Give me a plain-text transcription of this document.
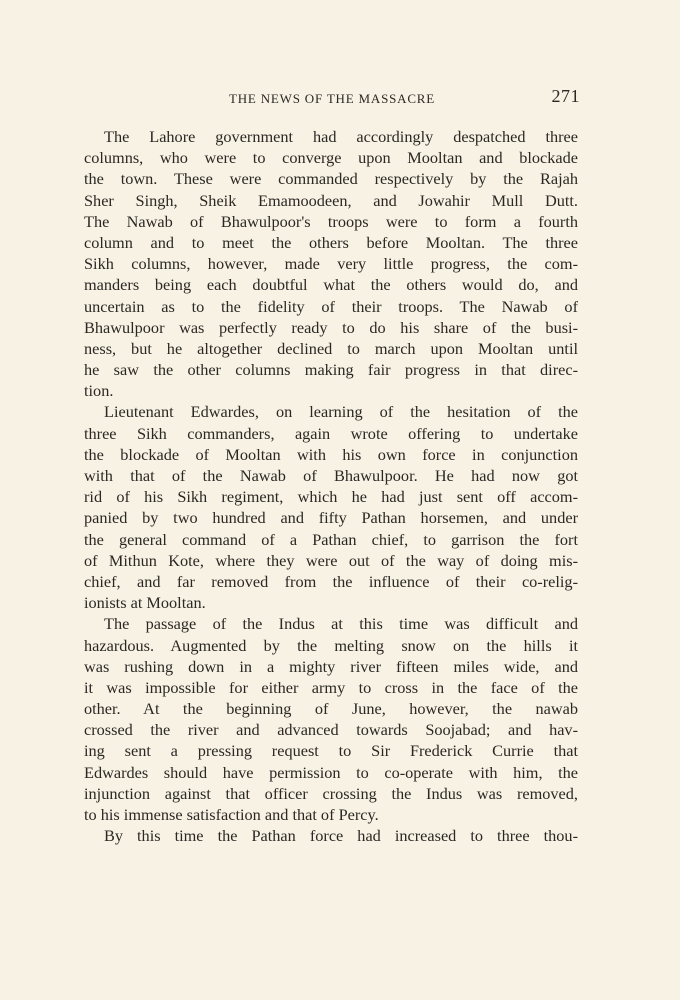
THE NEWS OF THE MASSACRE	271
The Lahore government had accordingly despatched three
columns, who were to converge upon Mooltan and blockade
the town. These were commanded respectively by the Rajah
Sher Singh, Sheik Emamoodeen, and Jowahir Mull Dutt.
The Nawab of Bhawulpoor's troops were to form a fourth
column and to meet the others before Mooltan. The three
Sikh columns, however, made very little progress, the com-
manders being each doubtful what the others would do, and
uncertain as to the fidelity of their troops. The Nawab of
Bhawulpoor was perfectly ready to do his share of the busi-
ness, but he altogether declined to march upon Mooltan until
he saw the other columns making fair progress in that direc-
tion.
Lieutenant Edwardes, on learning of the hesitation of the
three Sikh commanders, again wrote offering to undertake
the blockade of Mooltan with his own force in conjunction
with that of the Nawab of Bhawulpoor. He had now got
rid of his Sikh regiment, which he had just sent off accom-
panied by two hundred and fifty Pathan horsemen, and under
the general command of a Pathan chief, to garrison the fort
of Mithun Kote, where they were out of the way of doing mis-
chief, and far removed from the influence of their co-relig-
ionists at Mooltan.
The passage of the Indus at this time was difficult and
hazardous. Augmented by the melting snow on the hills it
was rushing down in a mighty river fifteen miles wide, and
it was impossible for either army to cross in the face of the
other. At the beginning of June, however, the nawab
crossed the river and advanced towards Soojabad; and hav-
ing sent a pressing request to Sir Frederick Currie that
Edwardes should have permission to co-operate with him, the
injunction against that officer crossing the Indus was removed,
to his immense satisfaction and that of Percy.
By this time the Pathan force had increased to three thou-
